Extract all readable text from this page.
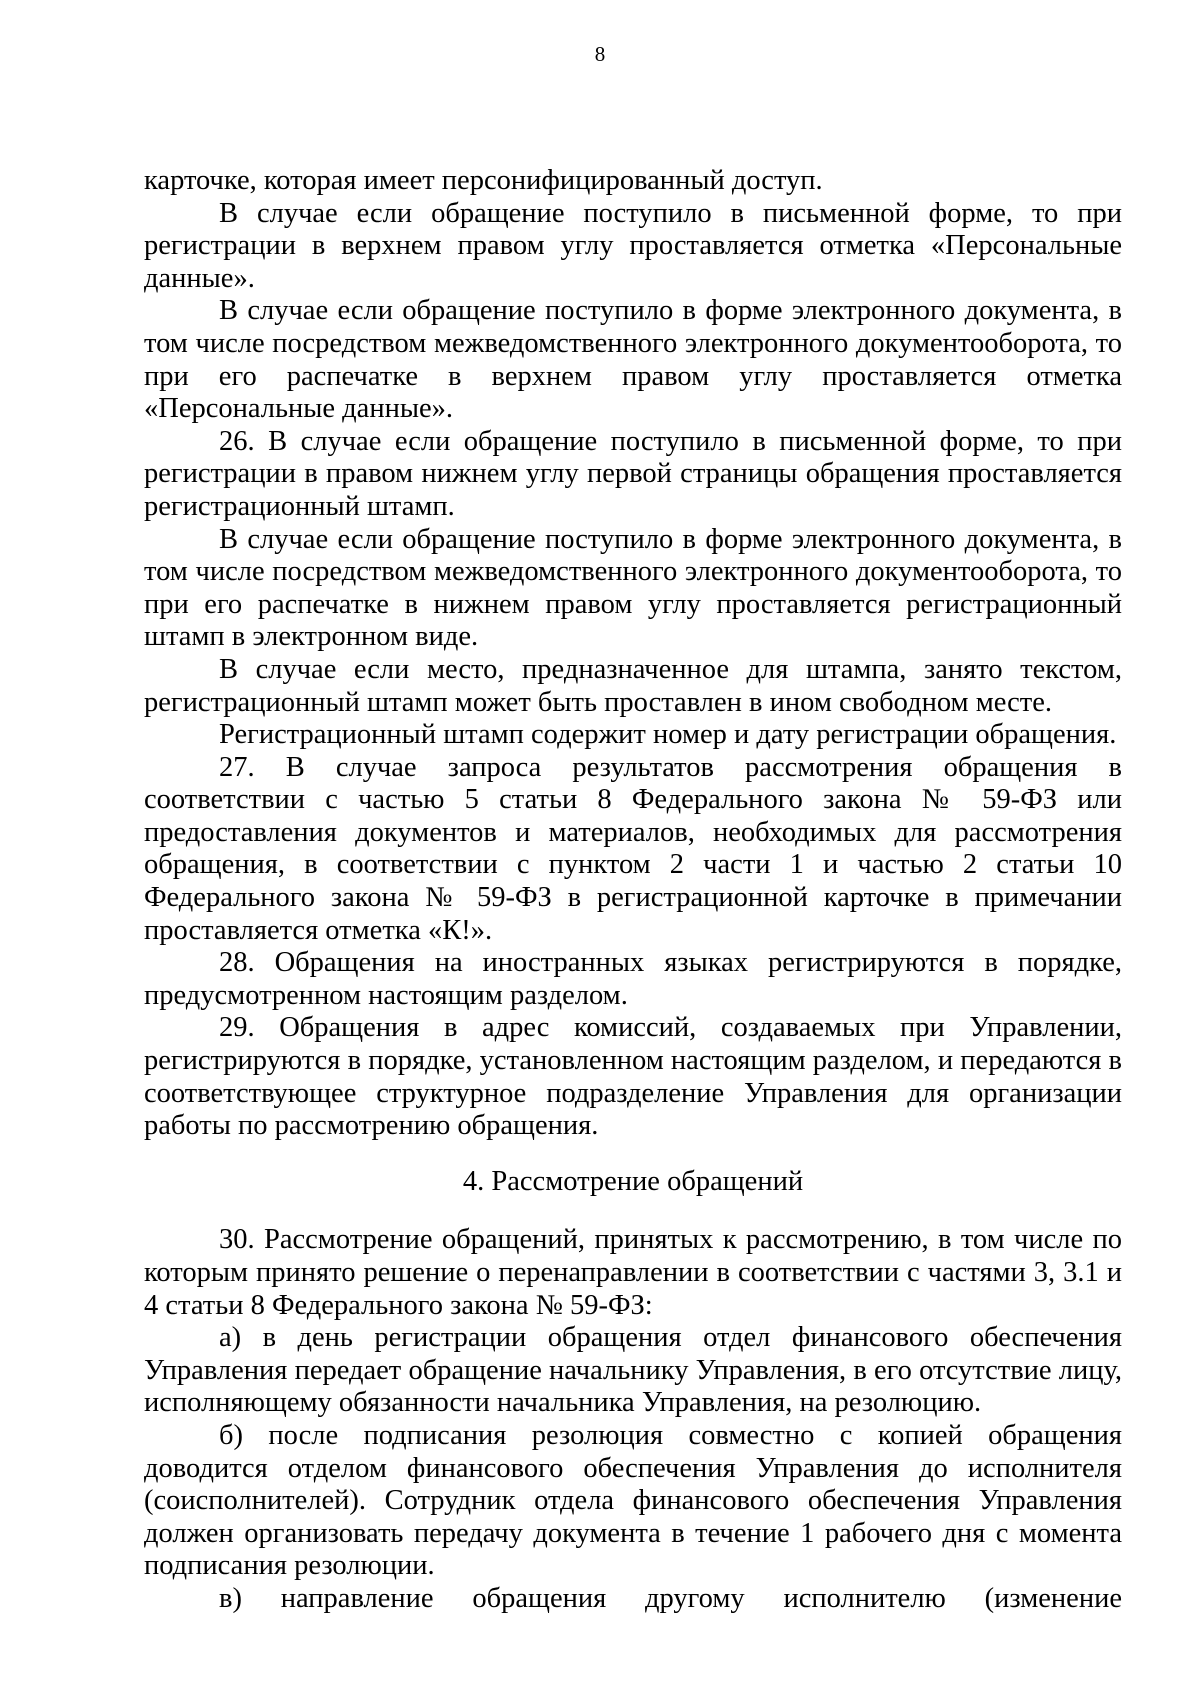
8

карточке, которая имеет персонифицированный доступ.

В случае если обращение поступило в письменной форме, то при регистрации в верхнем правом углу проставляется отметка «Персональные данные».

В случае если обращение поступило в форме электронного документа, в том числе посредством межведомственного электронного документооборота, то при его распечатке в верхнем правом углу проставляется отметка «Персональные данные».

26. В случае если обращение поступило в письменной форме, то при регистрации в правом нижнем углу первой страницы обращения проставляется регистрационный штамп.

В случае если обращение поступило в форме электронного документа, в том числе посредством межведомственного электронного документооборота, то при его распечатке в нижнем правом углу проставляется регистрационный штамп в электронном виде.

В случае если место, предназначенное для штампа, занято текстом, регистрационный штамп может быть проставлен в ином свободном месте.

Регистрационный штамп содержит номер и дату регистрации обращения.

27. В случае запроса результатов рассмотрения обращения в соответствии с частью 5 статьи 8 Федерального закона № 59-ФЗ или предоставления документов и материалов, необходимых для рассмотрения обращения, в соответствии с пунктом 2 части 1 и частью 2 статьи 10 Федерального закона № 59-ФЗ в регистрационной карточке в примечании проставляется отметка «К!».

28. Обращения на иностранных языках регистрируются в порядке, предусмотренном настоящим разделом.

29. Обращения в адрес комиссий, создаваемых при Управлении, регистрируются в порядке, установленном настоящим разделом, и передаются в соответствующее структурное подразделение Управления для организации работы по рассмотрению обращения.

4. Рассмотрение обращений

30. Рассмотрение обращений, принятых к рассмотрению, в том числе по которым принято решение о перенаправлении в соответствии с частями 3, 3.1 и 4 статьи 8 Федерального закона № 59-ФЗ:

а) в день регистрации обращения отдел финансового обеспечения Управления передает обращение начальнику Управления, в его отсутствие лицу, исполняющему обязанности начальника Управления, на резолюцию.

б) после подписания резолюция совместно с копией обращения доводится отделом финансового обеспечения Управления до исполнителя (соисполнителей). Сотрудник отдела финансового обеспечения Управления должен организовать передачу документа в течение 1 рабочего дня с момента подписания резолюции.

в) направление обращения другому исполнителю (изменение
